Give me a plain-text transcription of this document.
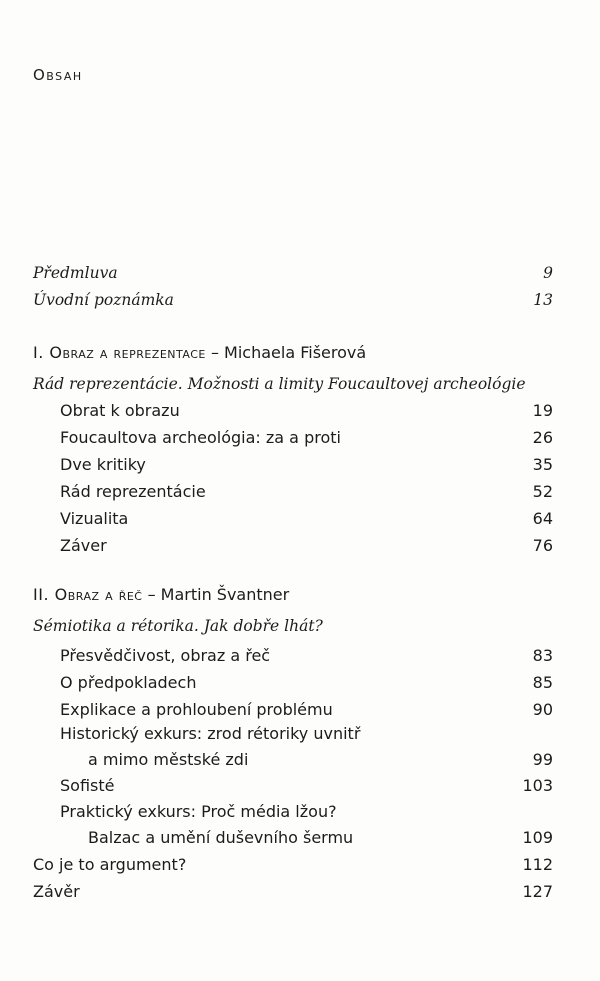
Obsah
Předmluva	9
Úvodní poznámka	13
I. Obraz a reprezentace – Michaela Fišerová
Rád reprezentácie. Možnosti a limity Foucaultovej archeológie
Obrat k obrazu	19
Foucaultova archeológia: za a proti	26
Dve kritiky	35
Rád reprezentácie	52
Vizualita	64
Záver	76
II. Obraz a řeč – Martin Švantner
Sémiotika a rétorika. Jak dobře lhát?
Přesvědčivost, obraz a řeč	83
O předpokladech	85
Explikace a prohloubení problému	90
Historický exkurs: zrod rétoriky uvnitř
a mimo městské zdi	99
Sofisté	103
Praktický exkurs: Proč média lžou?
Balzac a umění duševního šermu	109
Co je to argument?	112
Závěr	127
